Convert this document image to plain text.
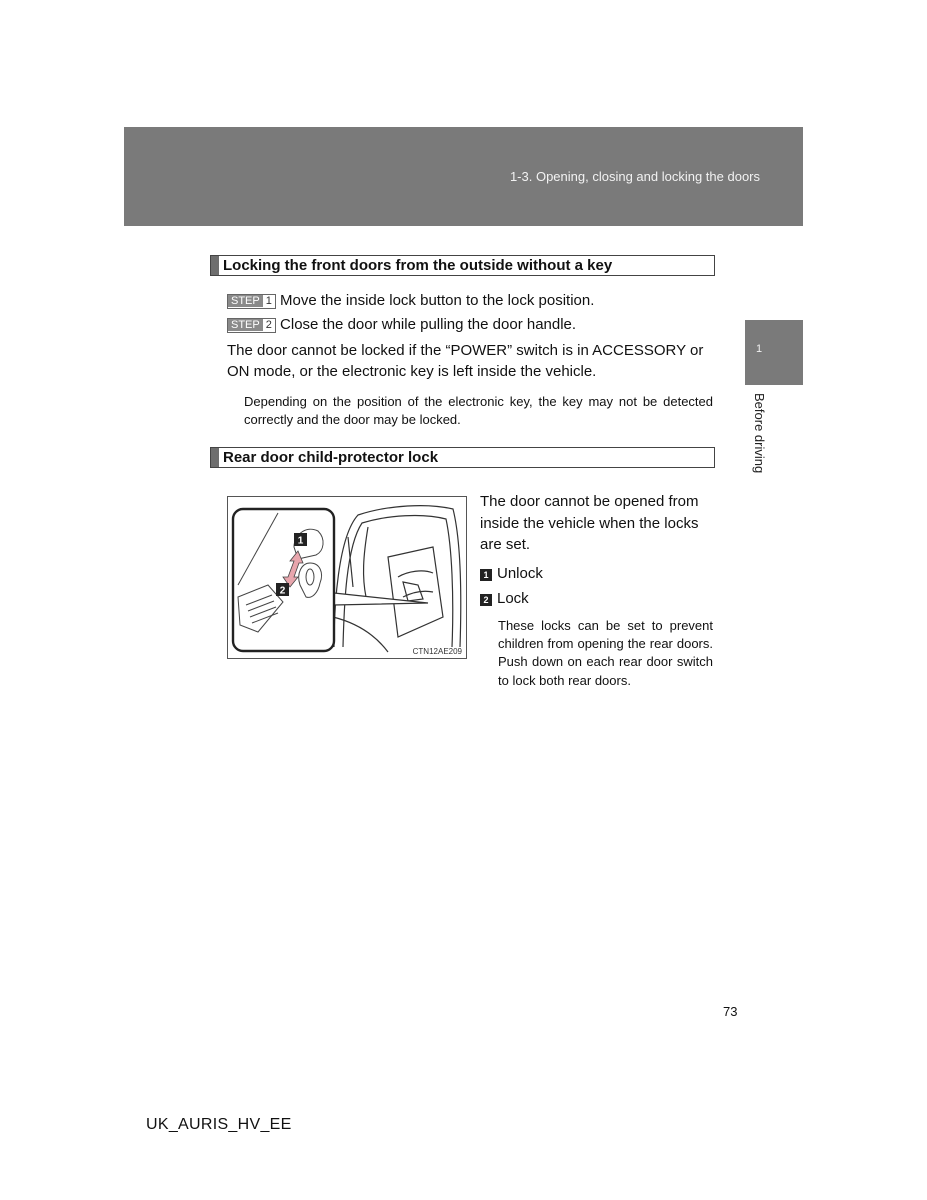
1-3. Opening, closing and locking the doors
1
Before driving
Locking the front doors from the outside without a key
STEP 1 Move the inside lock button to the lock position.
STEP 2 Close the door while pulling the door handle.
The door cannot be locked if the “POWER” switch is in ACCESSORY or ON mode, or the electronic key is left inside the vehicle.
Depending on the position of the electronic key, the key may not be detected correctly and the door may be locked.
Rear door child-protector lock
1
2
CTN12AE209
The door cannot be opened from inside the vehicle when the locks are set.
1 Unlock
2 Lock
These locks can be set to prevent children from opening the rear doors. Push down on each rear door switch to lock both rear doors.
73
UK_AURIS_HV_EE
